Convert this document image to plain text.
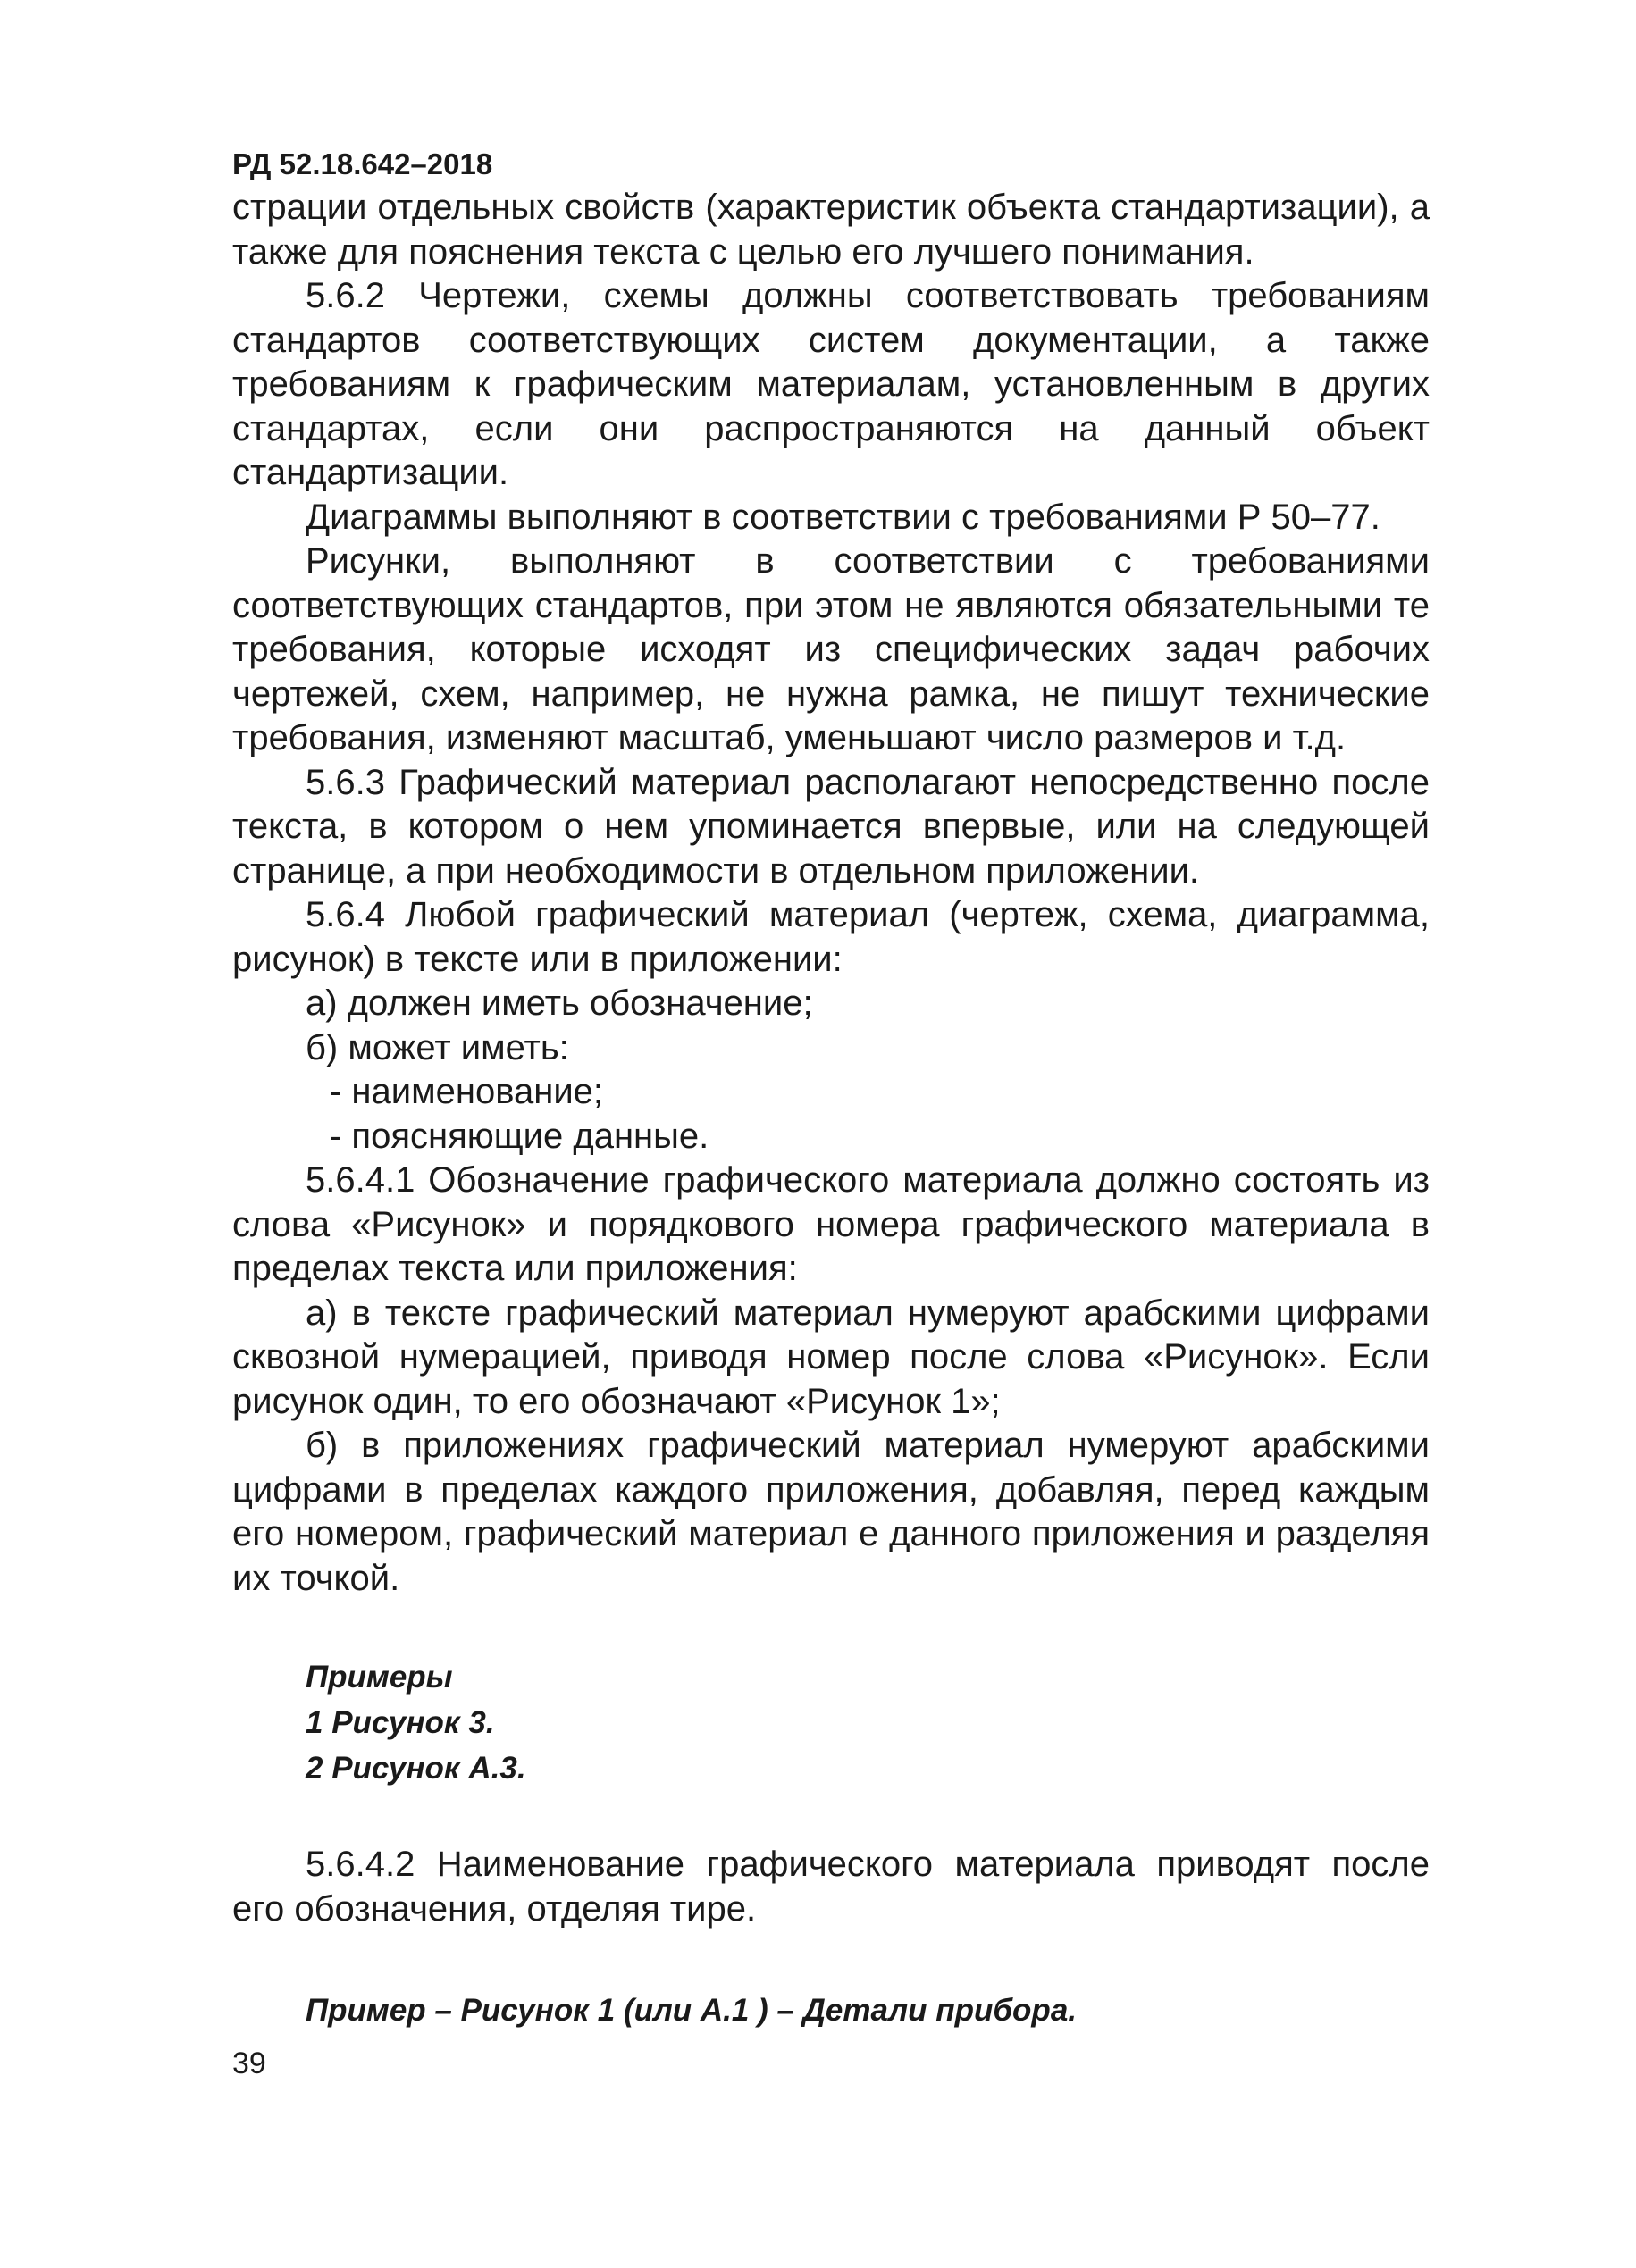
РД 52.18.642–2018

страции отдельных свойств (характеристик объекта стандартизации), а также для пояснения текста с целью его лучшего понимания.

5.6.2 Чертежи, схемы должны соответствовать требованиям стандартов соответствующих систем документации, а также требованиям к графическим материалам, установленным в других стандартах, если они распространяются на данный объект стандартизации.

Диаграммы выполняют в соответствии с требованиями Р 50–77.

Рисунки, выполняют в соответствии с требованиями соответствующих стандартов, при этом не являются обязательными те требования, которые исходят из специфических задач рабочих чертежей, схем, например, не нужна рамка, не пишут технические требования, изменяют масштаб, уменьшают число размеров и т.д.

5.6.3 Графический материал располагают непосредственно после текста, в котором о нем упоминается впервые, или на следующей странице, а при необходимости в отдельном приложении.

5.6.4 Любой графический материал (чертеж, схема, диаграмма, рисунок) в тексте или в приложении:

а) должен иметь обозначение;

б) может иметь:

- наименование;

- поясняющие данные.

5.6.4.1 Обозначение графического материала должно состоять из слова «Рисунок» и порядкового номера графического материала в пределах текста или приложения:

а) в тексте графический материал нумеруют арабскими цифрами сквозной нумерацией, приводя номер после слова «Рисунок». Если рисунок один, то его обозначают «Рисунок 1»;

б) в приложениях графический материал нумеруют арабскими цифрами в пределах каждого приложения, добавляя, перед каждым его номером, графический материал е данного приложения и разделяя их точкой.

Примеры
1 Рисунок 3.
2 Рисунок А.3.

5.6.4.2 Наименование графического материала приводят после его обозначения, отделяя тире.

Пример – Рисунок 1 (или А.1 ) – Детали прибора.
39
